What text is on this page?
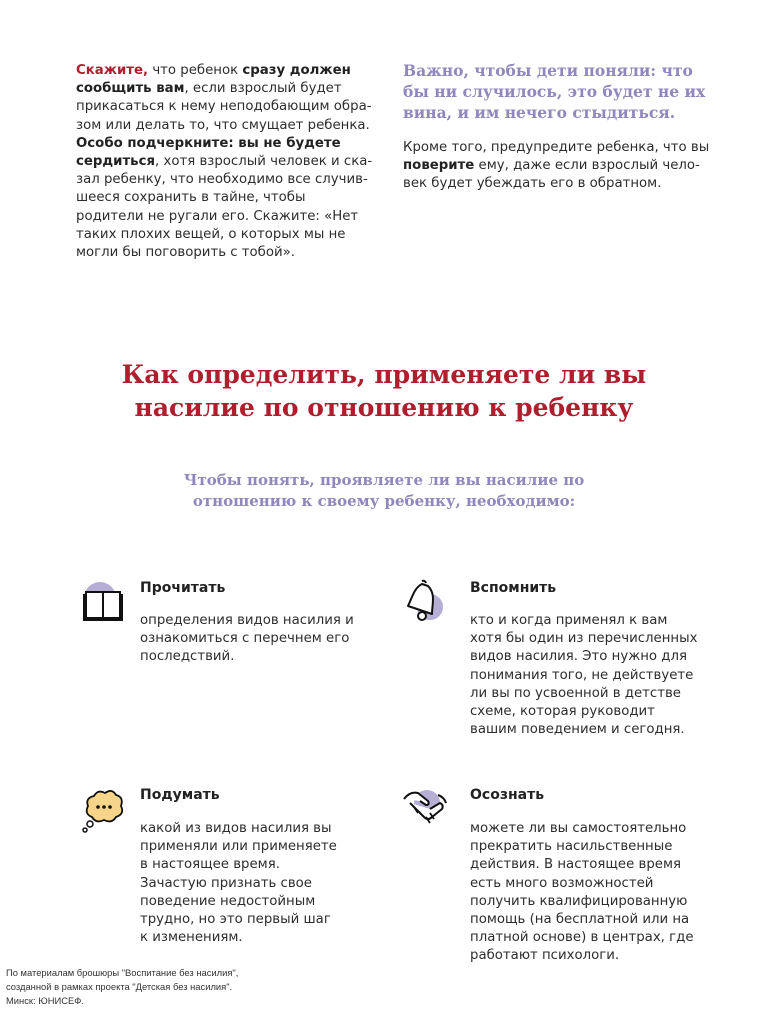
Скажите, что ребенок сразу должен сообщить вам, если взрослый будет прикасаться к нему неподобающим образом или делать то, что смущает ребенка. Особо подчеркните: вы не будете сердиться, хотя взрослый человек и сказал ребенку, что необходимо все случившееся сохранить в тайне, чтобы родители не ругали его. Скажите: «Нет таких плохих вещей, о которых мы не могли бы поговорить с тобой».

Важно, чтобы дети поняли: что бы ни случилось, это будет не их вина, и им нечего стыдиться.

Кроме того, предупредите ребенка, что вы поверите ему, даже если взрослый человек будет убеждать его в обратном.

Как определить, применяете ли вы
насилие по отношению к ребенку
Чтобы понять, проявляете ли вы насилие по
отношению к своему ребенку, необходимо:
Прочитать
определения видов насилия и ознакомиться с перечнем его последствий.
Вспомнить
кто и когда применял к вам хотя бы один из перечисленных видов насилия. Это нужно для понимания того, не действуете ли вы по усвоенной в детстве схеме, которая руководит вашим поведением и сегодня.
Подумать
какой из видов насилия вы применяли или применяете в настоящее время. Зачастую признать свое поведение недостойным трудно, но это первый шаг к изменениям.
Осознать
можете ли вы самостоятельно прекратить насильственные действия. В настоящее время есть много возможностей получить квалифицированную помощь (на бесплатной или на платной основе) в центрах, где работают психологи.
По материалам брошюры "Воспитание без насилия",
созданной в рамках проекта "Детская без насилия".
Минск: ЮНИСЕФ.
